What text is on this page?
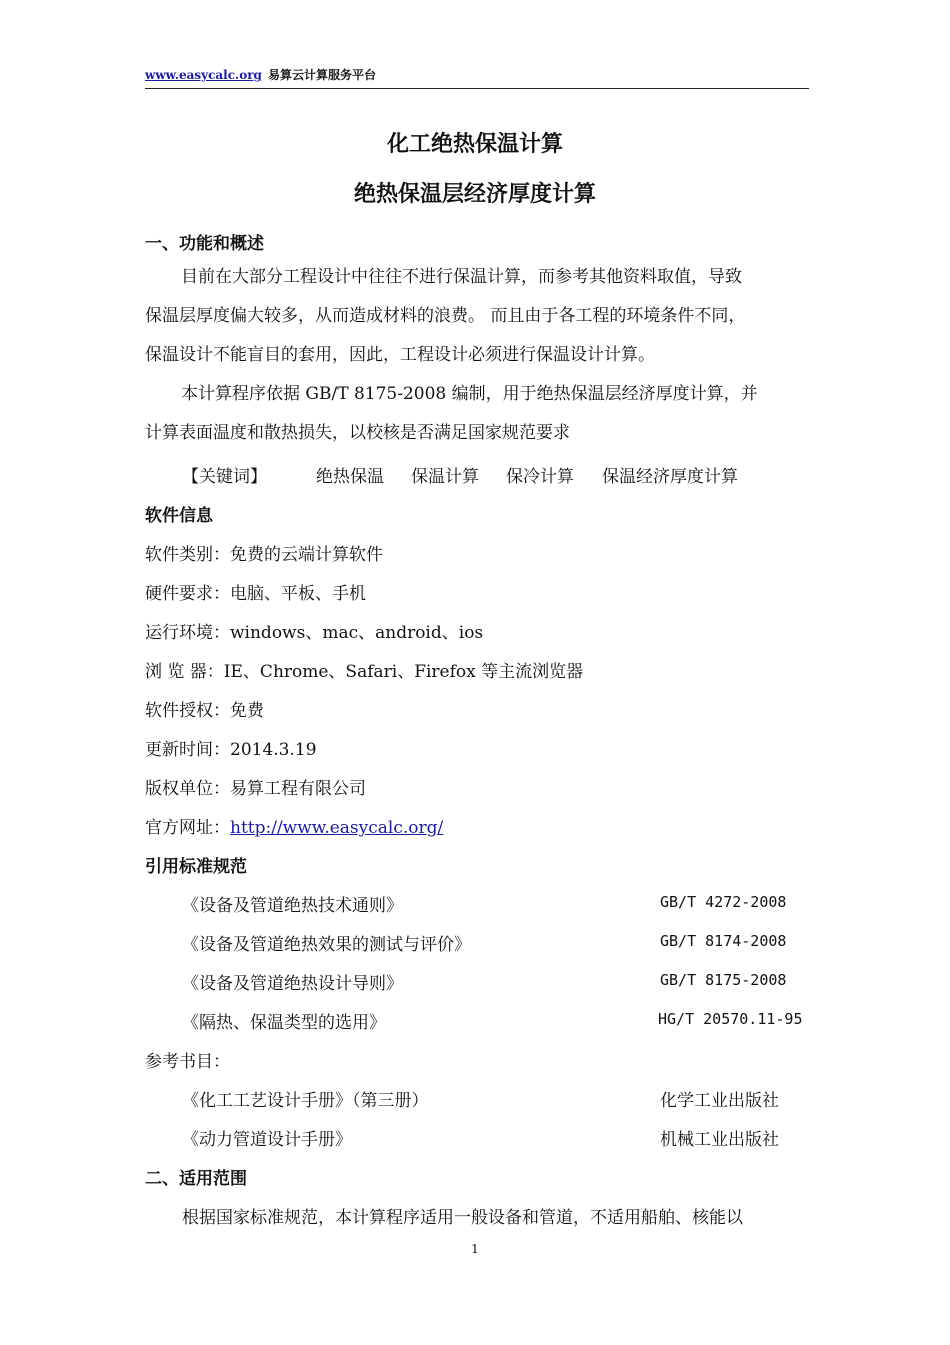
www.easycalc.org 易算云计算服务平台
化工绝热保温计算
绝热保温层经济厚度计算
一、功能和概述
目前在大部分工程设计中往往不进行保温计算，而参考其他资料取值，导致
保温层厚度偏大较多，从而造成材料的浪费。 而且由于各工程的环境条件不同，
保温设计不能盲目的套用，因此，工程设计必须进行保温设计计算。
本计算程序依据 GB/T 8175-2008 编制，用于绝热保温层经济厚度计算，并
计算表面温度和散热损失，以校核是否满足国家规范要求
【关键词】	绝热保温 保温计算 保冷计算 保温经济厚度计算
软件信息
软件类别：免费的云端计算软件
硬件要求：电脑、平板、手机
运行环境：windows、mac、android、ios
浏 览 器：IE、Chrome、Safari、Firefox 等主流浏览器
软件授权：免费
更新时间：2014.3.19
版权单位：易算工程有限公司
官方网址：http://www.easycalc.org/
引用标准规范
《设备及管道绝热技术通则》	GB/T 4272-2008
《设备及管道绝热效果的测试与评价》	GB/T 8174-2008
《设备及管道绝热设计导则》	GB/T 8175-2008
《隔热、保温类型的选用》	HG/T 20570.11-95
参考书目：
《化工工艺设计手册》（第三册）	化学工业出版社
《动力管道设计手册》	机械工业出版社
二、适用范围
根据国家标准规范，本计算程序适用一般设备和管道，不适用船舶、核能以
1
